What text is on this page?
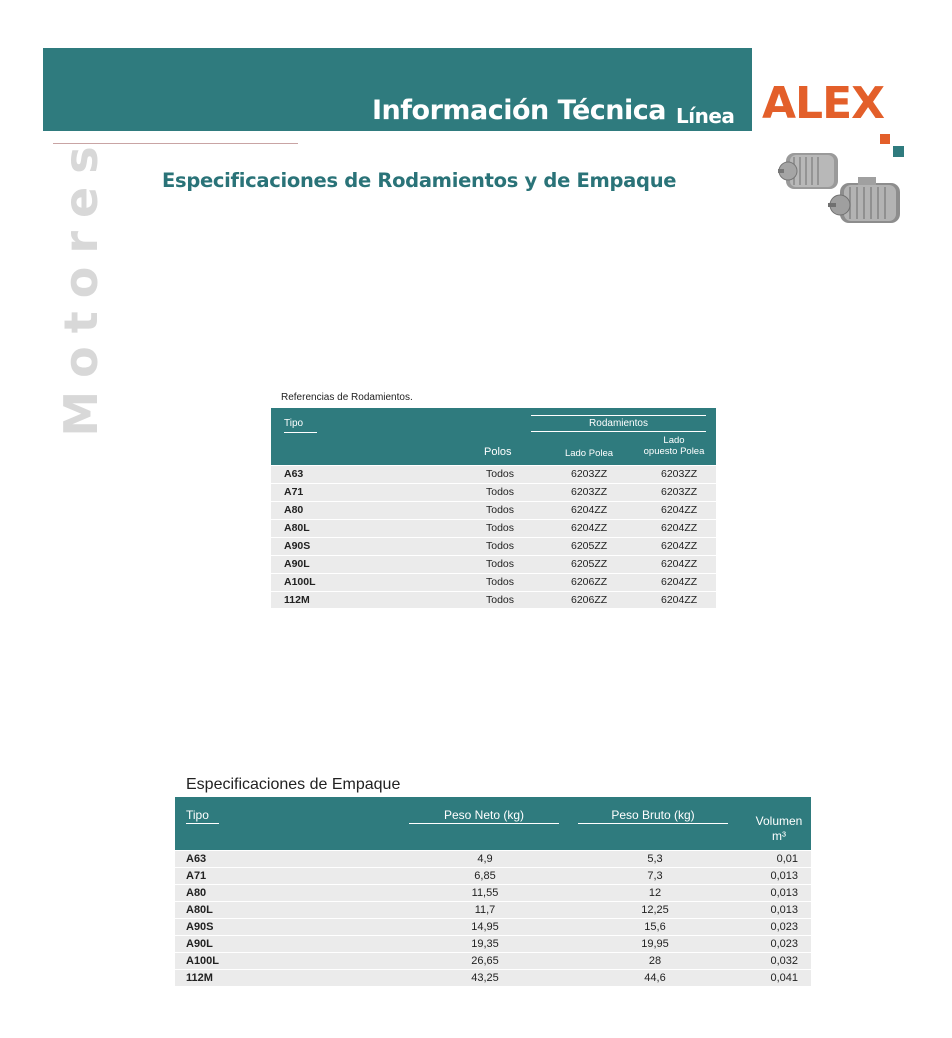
Información Técnica Línea ALEX
Motores	Especificaciones de Rodamientos y de Empaque
Referencias de Rodamientos.
Tipo	Rodamientos
Polos	Lado Polea
Lado
opuesto Polea
A63	Todos	6203ZZ	6203ZZ
A71	Todos	6203ZZ	6203ZZ
A80	Todos	6204ZZ	6204ZZ
A80L	Todos	6204ZZ	6204ZZ
A90S	Todos	6205ZZ	6204ZZ
A90L	Todos	6205ZZ	6204ZZ
A100L	Todos	6206ZZ	6204ZZ
112M	Todos	6206ZZ	6204ZZ
Especificaciones de Empaque
Tipo	Peso Neto (kg)	Peso Bruto (kg)	Volumen
m³
A63	4,9	5,3	0,01
A71	6,85	7,3	0,013
A80	11,55	12	0,013
A80L	11,7	12,25	0,013
A90S	14,95	15,6	0,023
A90L	19,35	19,95	0,023
A100L	26,65	28	0,032
112M	43,25	44,6	0,041
